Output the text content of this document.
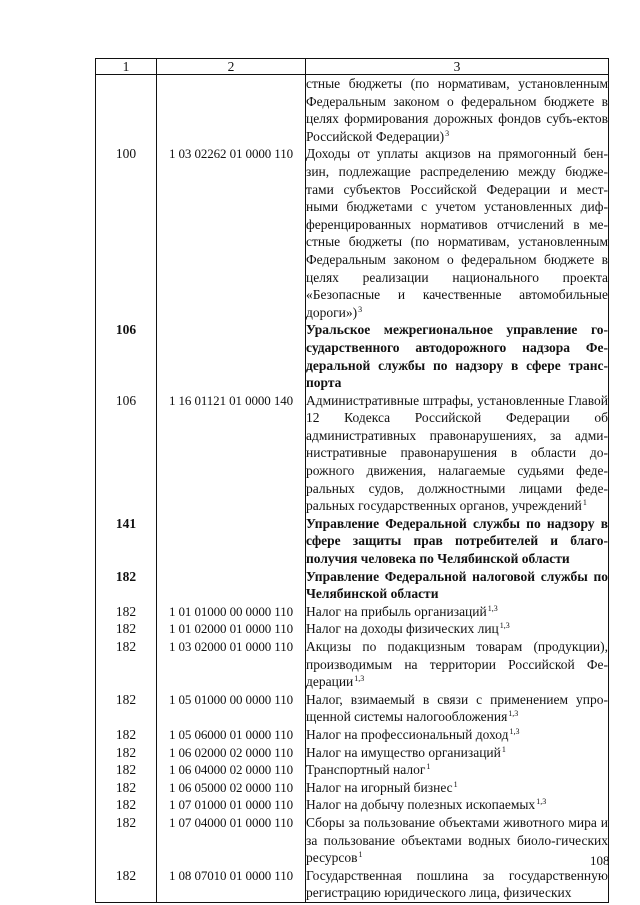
1	2	3
		стные бюджеты (по нормативам, установленным Федеральным законом о федеральном бюджете в целях формирования дорожных фондов субъ-ектов Российской Федерации)$^3$
100	1 03 02262 01 0000 110	Доходы от уплаты акцизов на прямогонный бен-зин, подлежащие распределению между бюдже-тами субъектов Российской Федерации и мест-ными бюджетами с учетом установленных диф-ференцированных нормативов отчислений в ме-стные бюджеты (по нормативам, установленным Федеральным законом о федеральном бюджете в целях реализации национального проекта «Безопасные и качественные автомобильные дороги»)$^3$
106		Уральское межрегиональное управление го-сударственного автодорожного надзора Фе-деральной службы по надзору в сфере транс-порта
106	1 16 01121 01 0000 140	Административные штрафы, установленные Главой 12 Кодекса Российской Федерации об административных правонарушениях, за адми-нистративные правонарушения в области до-рожного движения, налагаемые судьями феде-ральных судов, должностными лицами феде-ральных государственных органов, учреждений$^1$
141		Управление Федеральной службы по надзору в сфере защиты прав потребителей и благо-получия человека по Челябинской области
182		Управление Федеральной налоговой службы по Челябинской области
182	1 01 01000 00 0000 110	Налог на прибыль организаций$^{1,3}$
182	1 01 02000 01 0000 110	Налог на доходы физических лиц$^{1,3}$
182	1 03 02000 01 0000 110	Акцизы по подакцизным товарам (продукции), производимым на территории Российской Фе-дерации$^{1,3}$
182	1 05 01000 00 0000 110	Налог, взимаемый в связи с применением упро-щенной системы налогообложения$^{1,3}$
182	1 05 06000 01 0000 110	Налог на профессиональный доход$^{1,3}$
182	1 06 02000 02 0000 110	Налог на имущество организаций$^1$
182	1 06 04000 02 0000 110	Транспортный налог$^1$
182	1 06 05000 02 0000 110	Налог на игорный бизнес$^1$
182	1 07 01000 01 0000 110	Налог на добычу полезных ископаемых$^{1,3}$
182	1 07 04000 01 0000 110	Сборы за пользование объектами животного мира и за пользование объектами водных биоло-гических ресурсов$^1$
182	1 08 07010 01 0000 110	Государственная пошлина за государственную регистрацию юридического лица, физических
108
